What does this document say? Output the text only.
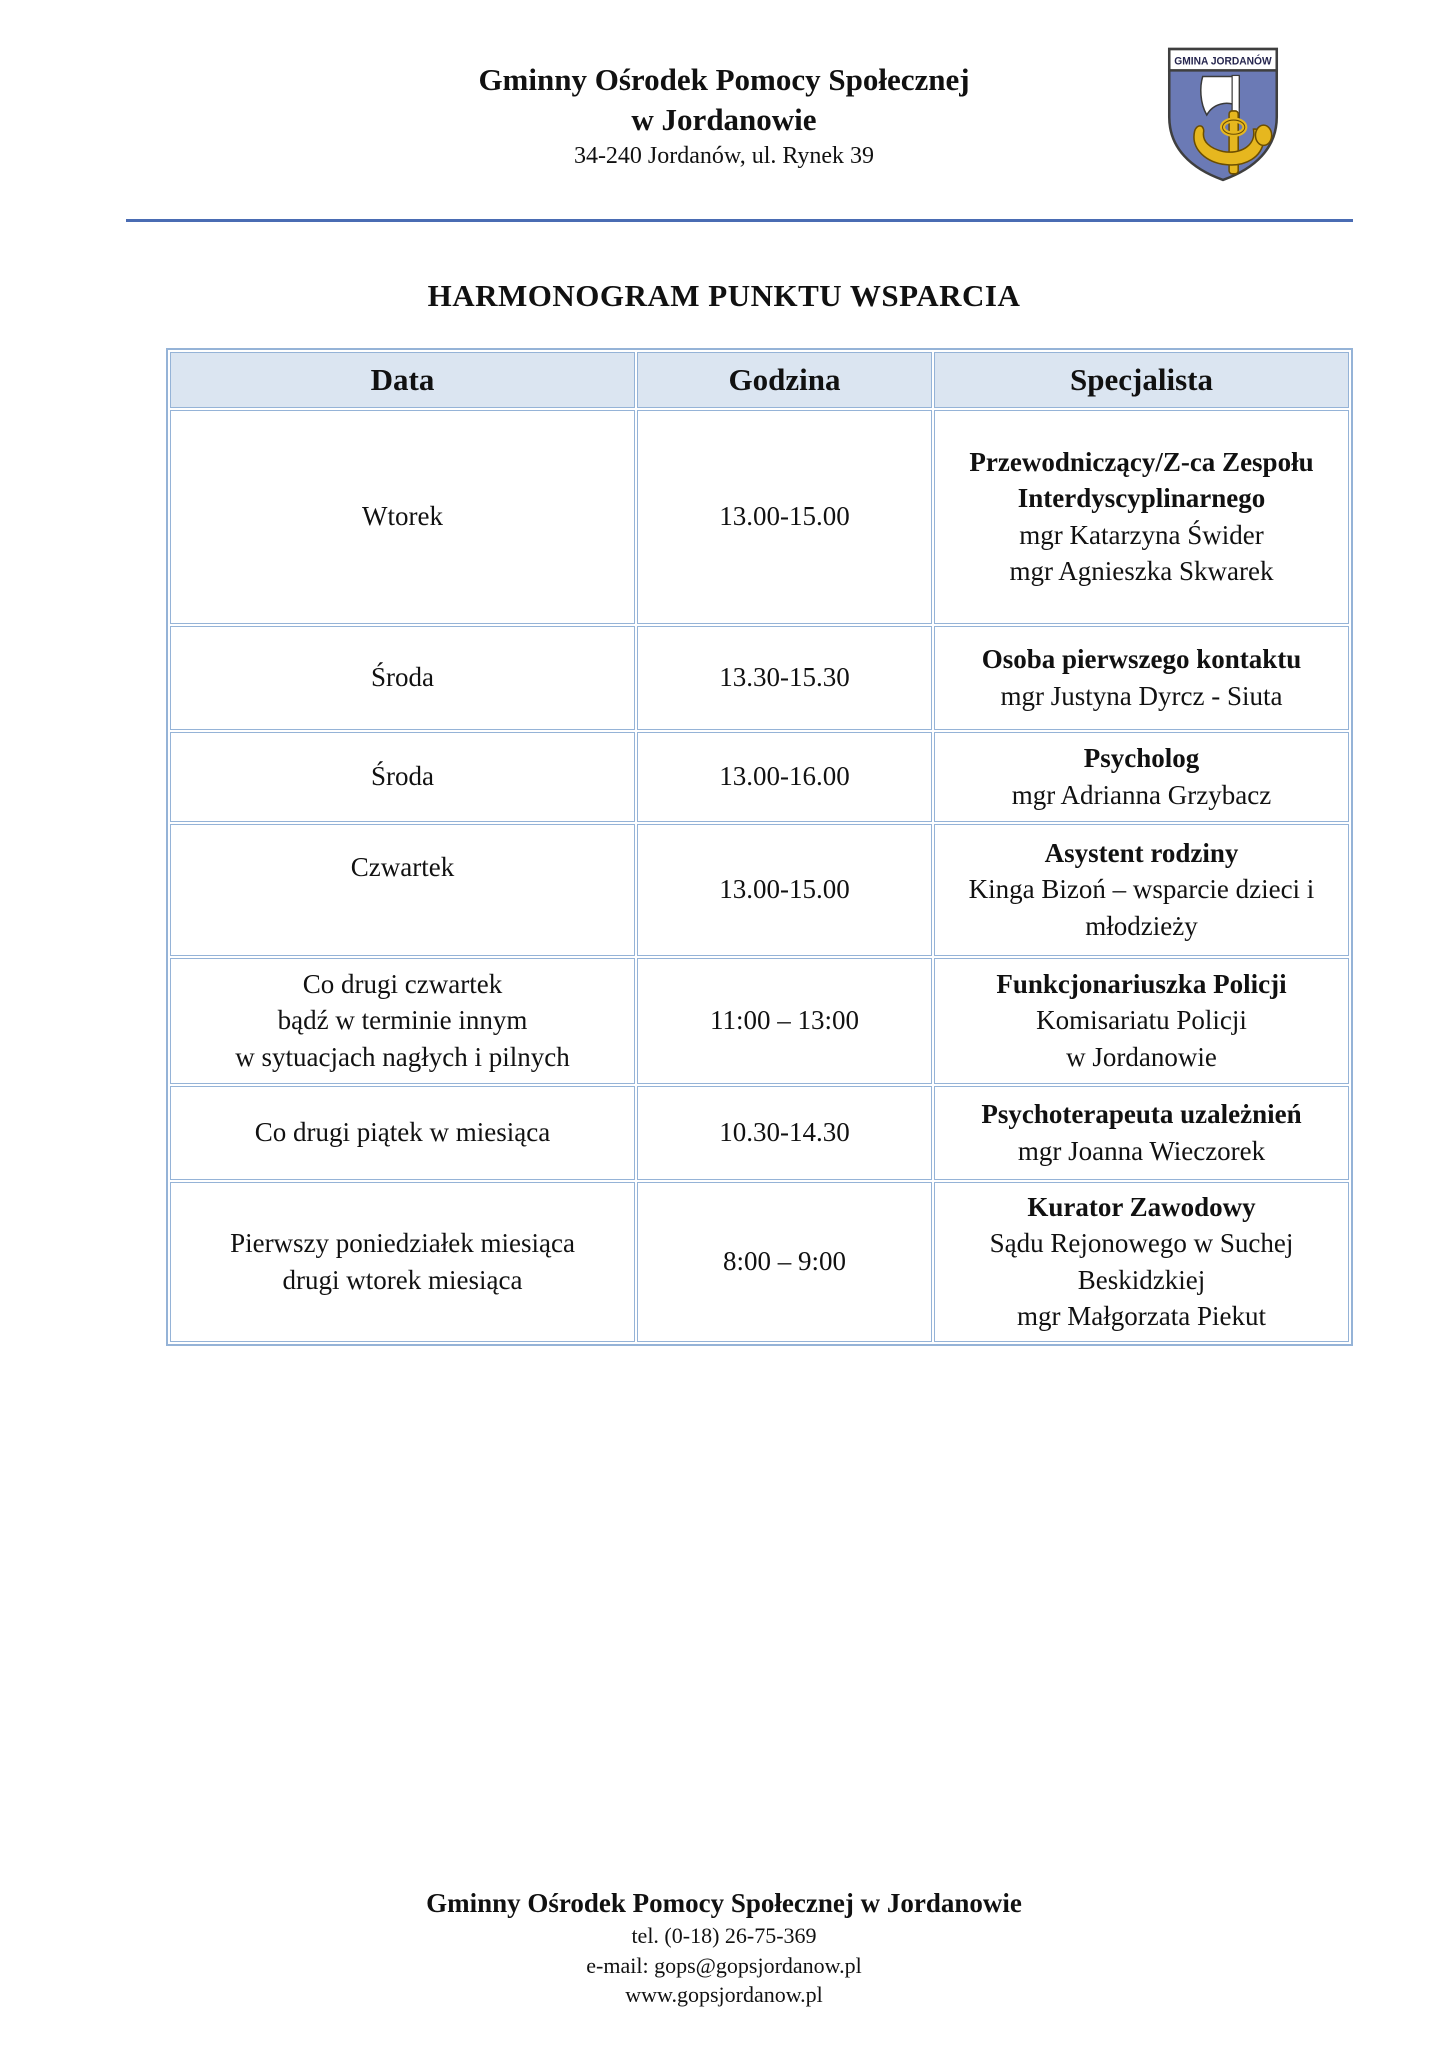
Gminny Ośrodek Pomocy Społecznej
w Jordanowie
34-240 Jordanów, ul. Rynek 39
GMINA JORDANÓW
HARMONOGRAM PUNKTU WSPARCIA
Data	Godzina	Specjalista

Wtorek	13.00-15.00	Przewodniczący/Z-ca Zespołu Interdyscyplinarnego
mgr Katarzyna Świder
mgr Agnieszka Skwarek

Środa	13.30-15.30	Osoba pierwszego kontaktu
mgr Justyna Dyrcz - Siuta

Środa	13.00-16.00	Psycholog
mgr Adrianna Grzybacz

Czwartek	13.00-15.00	Asystent rodziny
Kinga Bizoń – wsparcie dzieci i młodzieży

Co drugi czwartek
bądź w terminie innym
w sytuacjach nagłych i pilnych	11:00 – 13:00	Funkcjonariuszka Policji
Komisariatu Policji
w Jordanowie

Co drugi piątek w miesiąca	10.30-14.30	Psychoterapeuta uzależnień
mgr Joanna Wieczorek

Pierwszy poniedziałek miesiąca
drugi wtorek miesiąca	8:00 – 9:00	Kurator Zawodowy
Sądu Rejonowego w Suchej Beskidzkiej
mgr Małgorzata Piekut
Gminny Ośrodek Pomocy Społecznej w Jordanowie
tel. (0-18) 26-75-369
e-mail: gops@gopsjordanow.pl
www.gopsjordanow.pl
